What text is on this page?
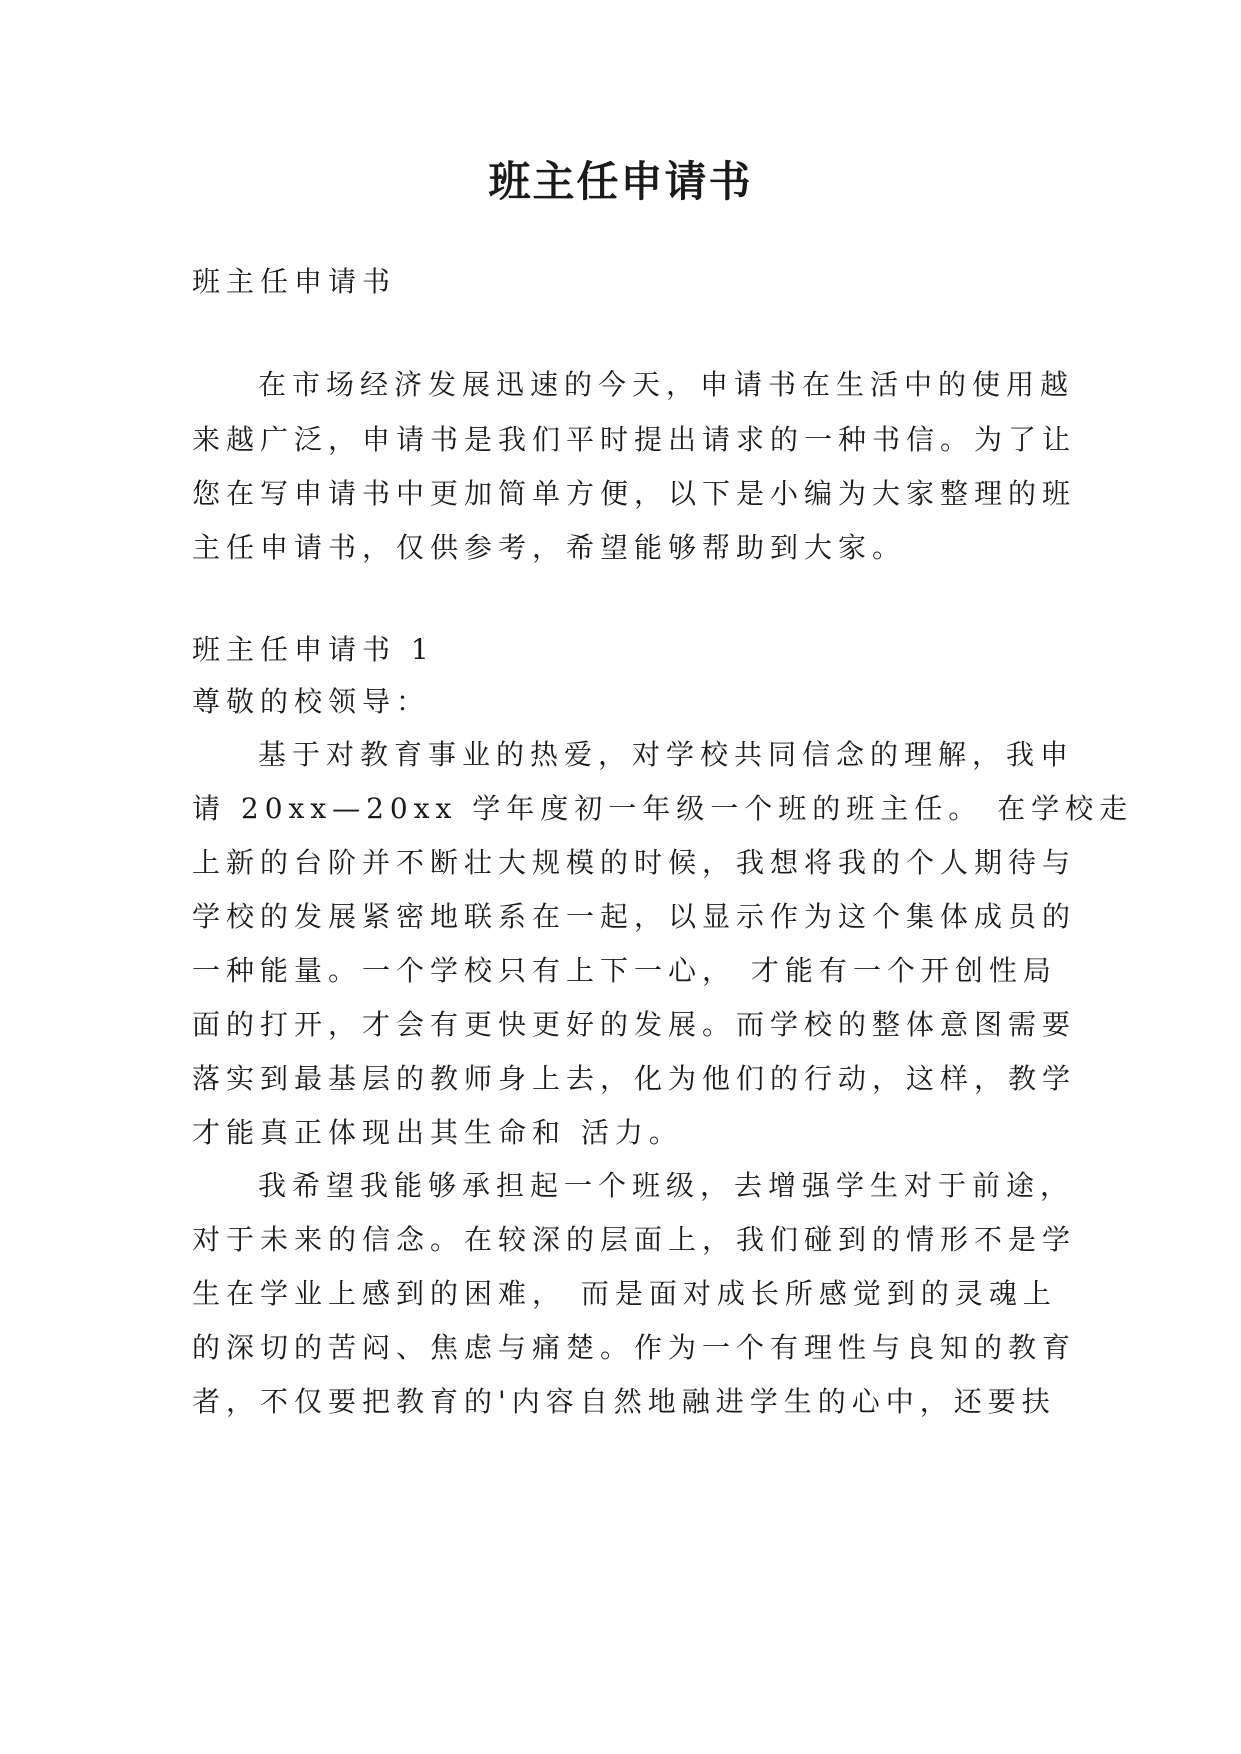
班主任申请书

班主任申请书

在市场经济发展迅速的今天，申请书在生活中的使用越

来越广泛，申请书是我们平时提出请求的一种书信。为了让

您在写申请书中更加简单方便，以下是小编为大家整理的班

主任申请书，仅供参考，希望能够帮助到大家。

班主任申请书 1

尊敬的校领导：

基于对教育事业的热爱，对学校共同信念的理解，我申

请 20xx—20xx 学年度初一年级一个班的班主任。 在学校走

上新的台阶并不断壮大规模的时候，我想将我的个人期待与

学校的发展紧密地联系在一起，以显示作为这个集体成员的

一种能量。一个学校只有上下一心， 才能有一个开创性局

面的打开，才会有更快更好的发展。而学校的整体意图需要

落实到最基层的教师身上去，化为他们的行动，这样，教学

才能真正体现出其生命和 活力。

我希望我能够承担起一个班级，去增强学生对于前途，

对于未来的信念。在较深的层面上，我们碰到的情形不是学

生在学业上感到的困难， 而是面对成长所感觉到的灵魂上

的深切的苦闷、焦虑与痛楚。作为一个有理性与良知的教育

者，不仅要把教育的'内容自然地融进学生的心中，还要扶
